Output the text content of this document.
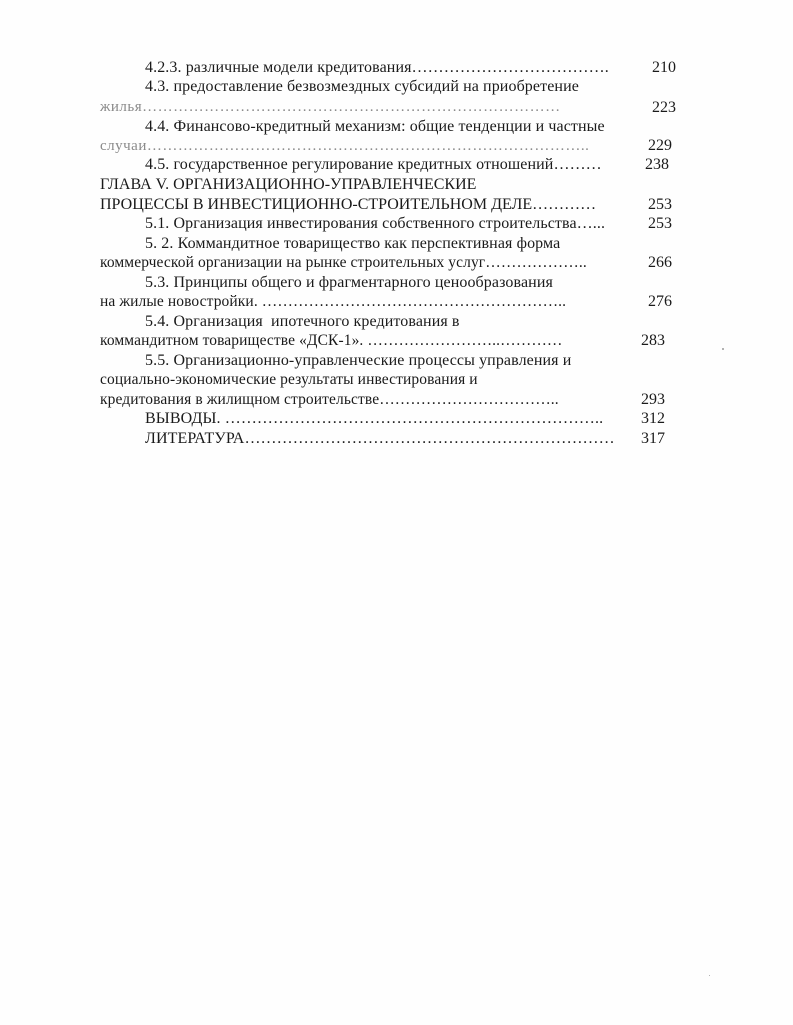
4.2.3. различные модели кредитования……………………………….	210
4.3. предоставление безвозмездных субсидий на приобретение
жилья………………………………………………………………………	223
4.4. Финансово-кредитный механизм: общие тенденции и частные
случаи…………………………………………………………………………..	229
4.5. государственное регулирование кредитных отношений………	238
ГЛАВА V. ОРГАНИЗАЦИОННО-УПРАВЛЕНЧЕСКИЕ
ПРОЦЕССЫ В ИНВЕСТИЦИОННО-СТРОИТЕЛЬНОМ ДЕЛЕ…………	253
5.1. Организация инвестирования собственного строительства…...	253
5. 2. Коммандитное товарищество как перспективная форма
коммерческой организации на рынке строительных услуг………………..	266
5.3. Принципы общего и фрагментарного ценообразования
на жилые новостройки. …………………………………………………..	276
5.4. Организация  ипотечного кредитования в
коммандитном товариществе «ДСК-1». ……………………..…………	283
5.5. Организационно-управленческие процессы управления и
социально-экономические результаты инвестирования и
кредитования в жилищном строительстве……………………………..	293
ВЫВОДЫ. ……………………………………………………………..	312
ЛИТЕРАТУРА……………………………………………………………	317
